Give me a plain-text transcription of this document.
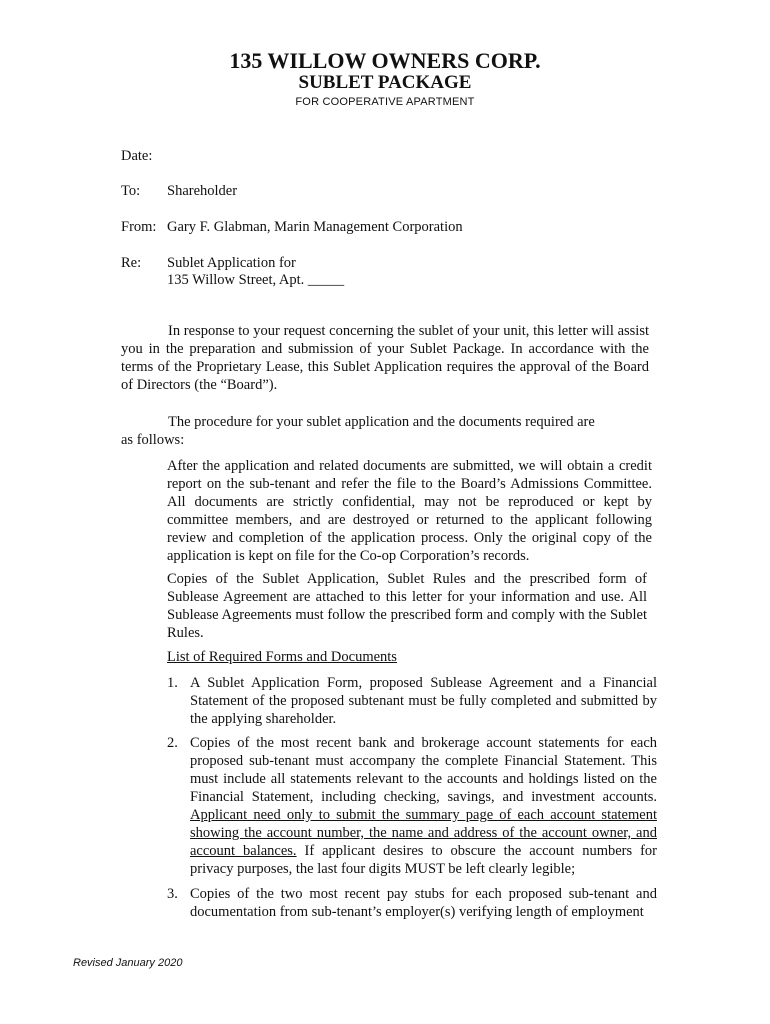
135 WILLOW OWNERS CORP.
SUBLET PACKAGE
FOR COOPERATIVE APARTMENT
Date:
To: Shareholder
From: Gary F. Glabman, Marin Management Corporation
Re: Sublet Application for
135 Willow Street, Apt. _____
In response to your request concerning the sublet of your unit, this letter will assist you in the preparation and submission of your Sublet Package. In accordance with the terms of the Proprietary Lease, this Sublet Application requires the approval of the Board of Directors (the “Board”).
The procedure for your sublet application and the documents required are
as follows:
After the application and related documents are submitted, we will obtain a credit report on the sub-tenant and refer the file to the Board’s Admissions Committee. All documents are strictly confidential, may not be reproduced or kept by committee members, and are destroyed or returned to the applicant following review and completion of the application process. Only the original copy of the application is kept on file for the Co-op Corporation’s records.
Copies of the Sublet Application, Sublet Rules and the prescribed form of Sublease Agreement are attached to this letter for your information and use. All Sublease Agreements must follow the prescribed form and comply with the Sublet Rules.
List of Required Forms and Documents
1. A Sublet Application Form, proposed Sublease Agreement and a Financial Statement of the proposed subtenant must be fully completed and submitted by the applying shareholder.
2. Copies of the most recent bank and brokerage account statements for each proposed sub-tenant must accompany the complete Financial Statement. This must include all statements relevant to the accounts and holdings listed on the Financial Statement, including checking, savings, and investment accounts. Applicant need only to submit the summary page of each account statement showing the account number, the name and address of the account owner, and account balances. If applicant desires to obscure the account numbers for privacy purposes, the last four digits MUST be left clearly legible;
3. Copies of the two most recent pay stubs for each proposed sub-tenant and documentation from sub-tenant’s employer(s) verifying length of employment
Revised January 2020
